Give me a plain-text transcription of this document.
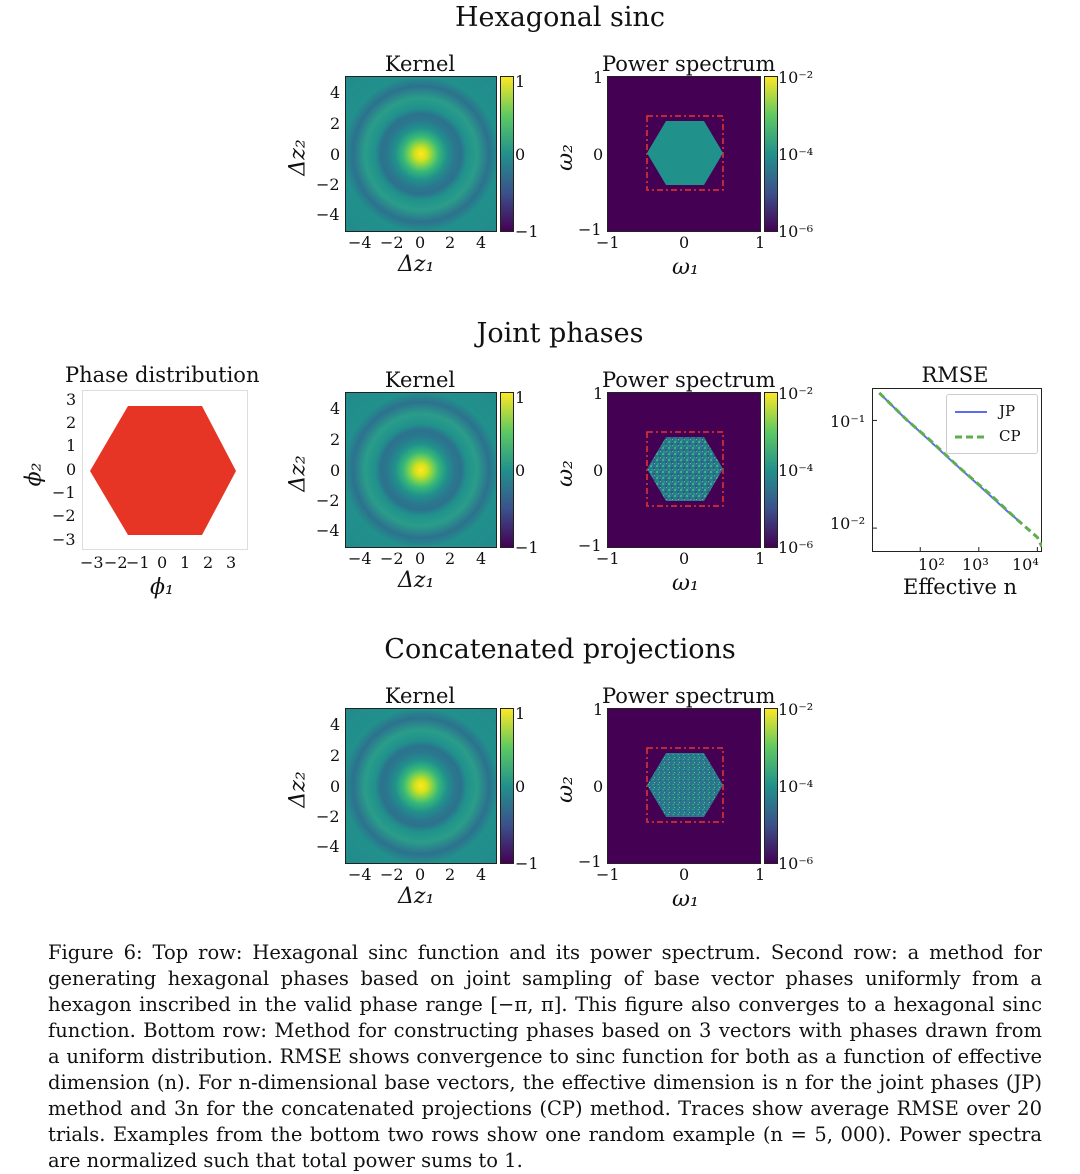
Hexagonal sinc
Kernel
1
0
−1
4
2
0
−2
−4
−4 −2 0 2 4
Δz₁
Δz₂
Power spectrum
10⁻²
10⁻⁴
10⁻⁶
1
0
−1
−1	0	1
ω₁
ω₂
Joint phases
Phase distribution
3
2
1
0
−1
−2
−3
−3 −2
−1 0 1 2 3
ϕ₁
ϕ₂
Kernel
1
0
−1
4
2
0
−2
−4
−4 −2 0 2 4
Δz₁
Δz₂
Power spectrum
10⁻²
10⁻⁴
10⁻⁶
1
0
−1
−1	0	1
ω₁
ω₂
RMSE
JP
CP
10⁻¹
10⁻²
10² 10³ 10⁴
Effective n
Concatenated projections
Kernel
1
0
−1
4
2
0
−2
−4
−4 −2 0 2 4
Δz₁
Δz₂
Power spectrum
10⁻²
10⁻⁴
10⁻⁶
1
0
−1
−1	0	1
ω₁
ω₂
Figure 6: Top row: Hexagonal sinc function and its power spectrum. Second row: a method for generating hexagonal phases based on joint sampling of base vector phases uniformly from a hexagon inscribed in the valid phase range [−π, π]. This figure also converges to a hexagonal sinc function. Bottom row: Method for constructing phases based on 3 vectors with phases drawn from a uniform distribution. RMSE shows convergence to sinc function for both as a function of effective dimension (n). For n-dimensional base vectors, the effective dimension is n for the joint phases (JP) method and 3n for the concatenated projections (CP) method. Traces show average RMSE over 20 trials. Examples from the bottom two rows show one random example (n = 5, 000). Power spectra are normalized such that total power sums to 1.
